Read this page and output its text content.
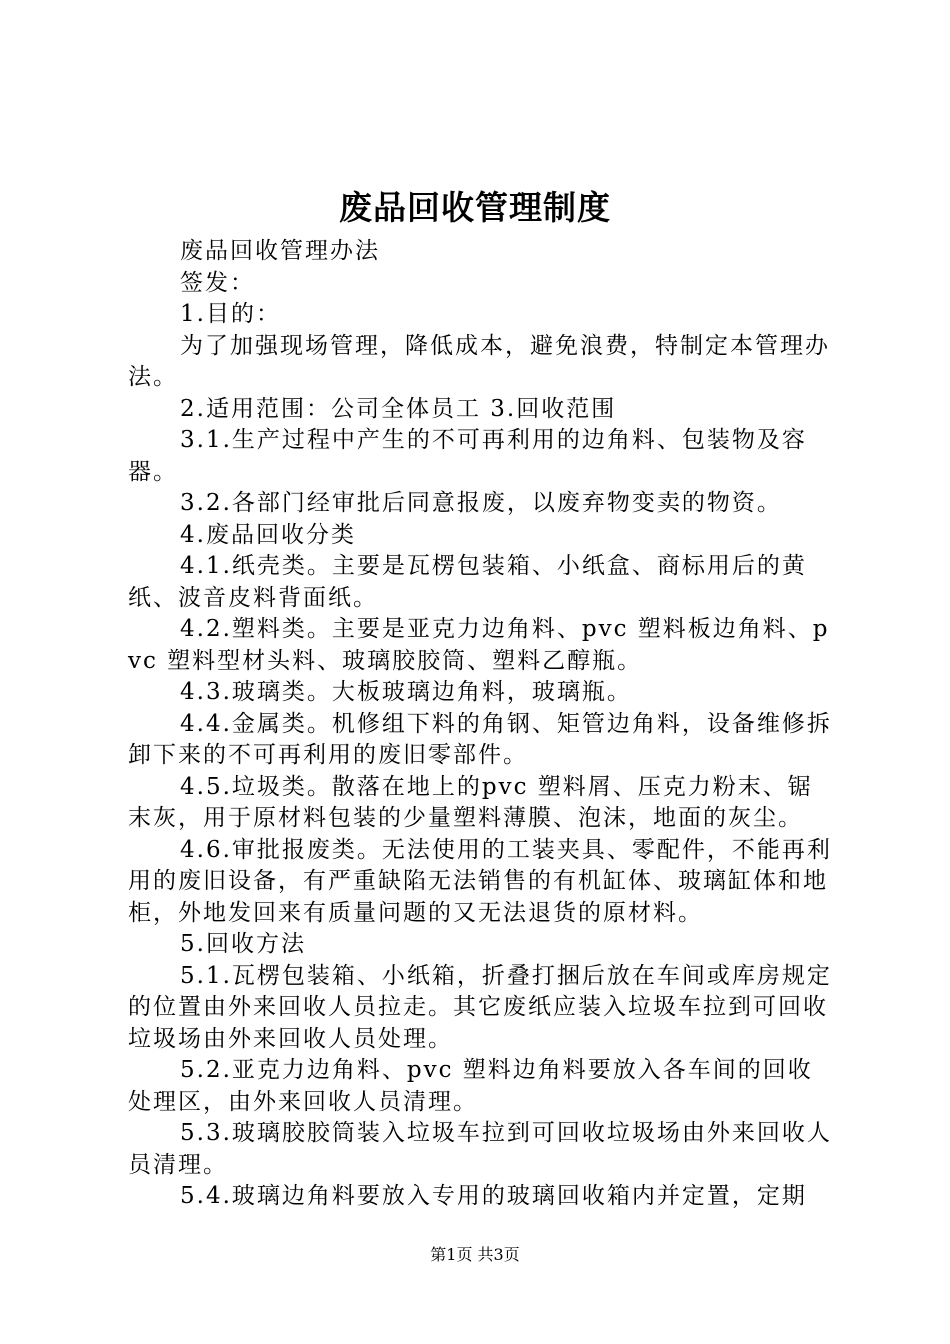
废品回收管理制度

废品回收管理办法

签发：

1.目的：

为了加强现场管理，降低成本，避免浪费，特制定本管理办法。

2.适用范围：公司全体员工 3.回收范围

3.1.生产过程中产生的不可再利用的边角料、包装物及容器。

3.2.各部门经审批后同意报废，以废弃物变卖的物资。

4.废品回收分类

4.1.纸壳类。主要是瓦楞包装箱、小纸盒、商标用后的黄纸、波音皮料背面纸。

4.2.塑料类。主要是亚克力边角料、pvc 塑料板边角料、pvc 塑料型材头料、玻璃胶胶筒、塑料乙醇瓶。

4.3.玻璃类。大板玻璃边角料，玻璃瓶。

4.4.金属类。机修组下料的角钢、矩管边角料，设备维修拆卸下来的不可再利用的废旧零部件。

4.5.垃圾类。散落在地上的pvc 塑料屑、压克力粉末、锯末灰，用于原材料包装的少量塑料薄膜、泡沫，地面的灰尘。

4.6.审批报废类。无法使用的工装夹具、零配件，不能再利用的废旧设备，有严重缺陷无法销售的有机缸体、玻璃缸体和地柜，外地发回来有质量问题的又无法退货的原材料。

5.回收方法

5.1.瓦楞包装箱、小纸箱，折叠打捆后放在车间或库房规定的位置由外来回收人员拉走。其它废纸应装入垃圾车拉到可回收垃圾场由外来回收人员处理。

5.2.亚克力边角料、pvc 塑料边角料要放入各车间的回收处理区，由外来回收人员清理。

5.3.玻璃胶胶筒装入垃圾车拉到可回收垃圾场由外来回收人员清理。

5.4.玻璃边角料要放入专用的玻璃回收箱内并定置，定期

第1页 共3页
